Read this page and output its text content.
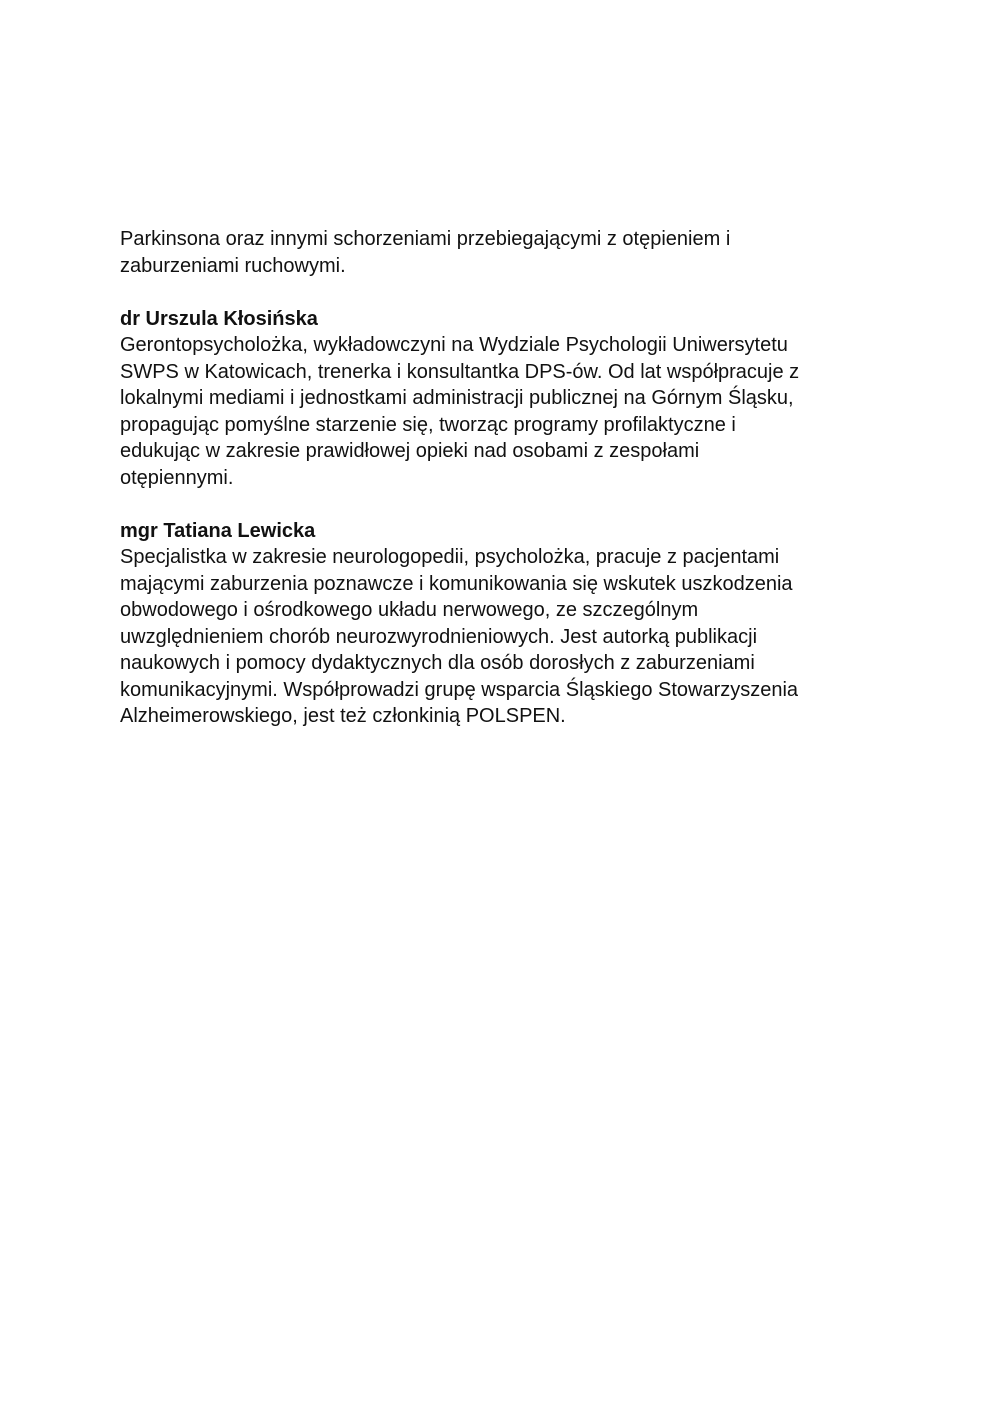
Parkinsona oraz innymi schorzeniami przebiegającymi z otępieniem i
zaburzeniami ruchowymi.

dr Urszula Kłosińska

Gerontopsycholożka, wykładowczyni na Wydziale Psychologii Uniwersytetu
SWPS w Katowicach, trenerka i konsultantka DPS-ów. Od lat współpracuje z
lokalnymi mediami i jednostkami administracji publicznej na Górnym Śląsku,
propagując pomyślne starzenie się, tworząc programy profilaktyczne i
edukując w zakresie prawidłowej opieki nad osobami z zespołami
otępiennymi.

mgr Tatiana Lewicka

Specjalistka w zakresie neurologopedii, psycholożka, pracuje z pacjentami
mającymi zaburzenia poznawcze i komunikowania się wskutek uszkodzenia
obwodowego i ośrodkowego układu nerwowego, ze szczególnym
uwzględnieniem chorób neurozwyrodnieniowych. Jest autorką publikacji
naukowych i pomocy dydaktycznych dla osób dorosłych z zaburzeniami
komunikacyjnymi. Współprowadzi grupę wsparcia Śląskiego Stowarzyszenia
Alzheimerowskiego, jest też członkinią POLSPEN.
